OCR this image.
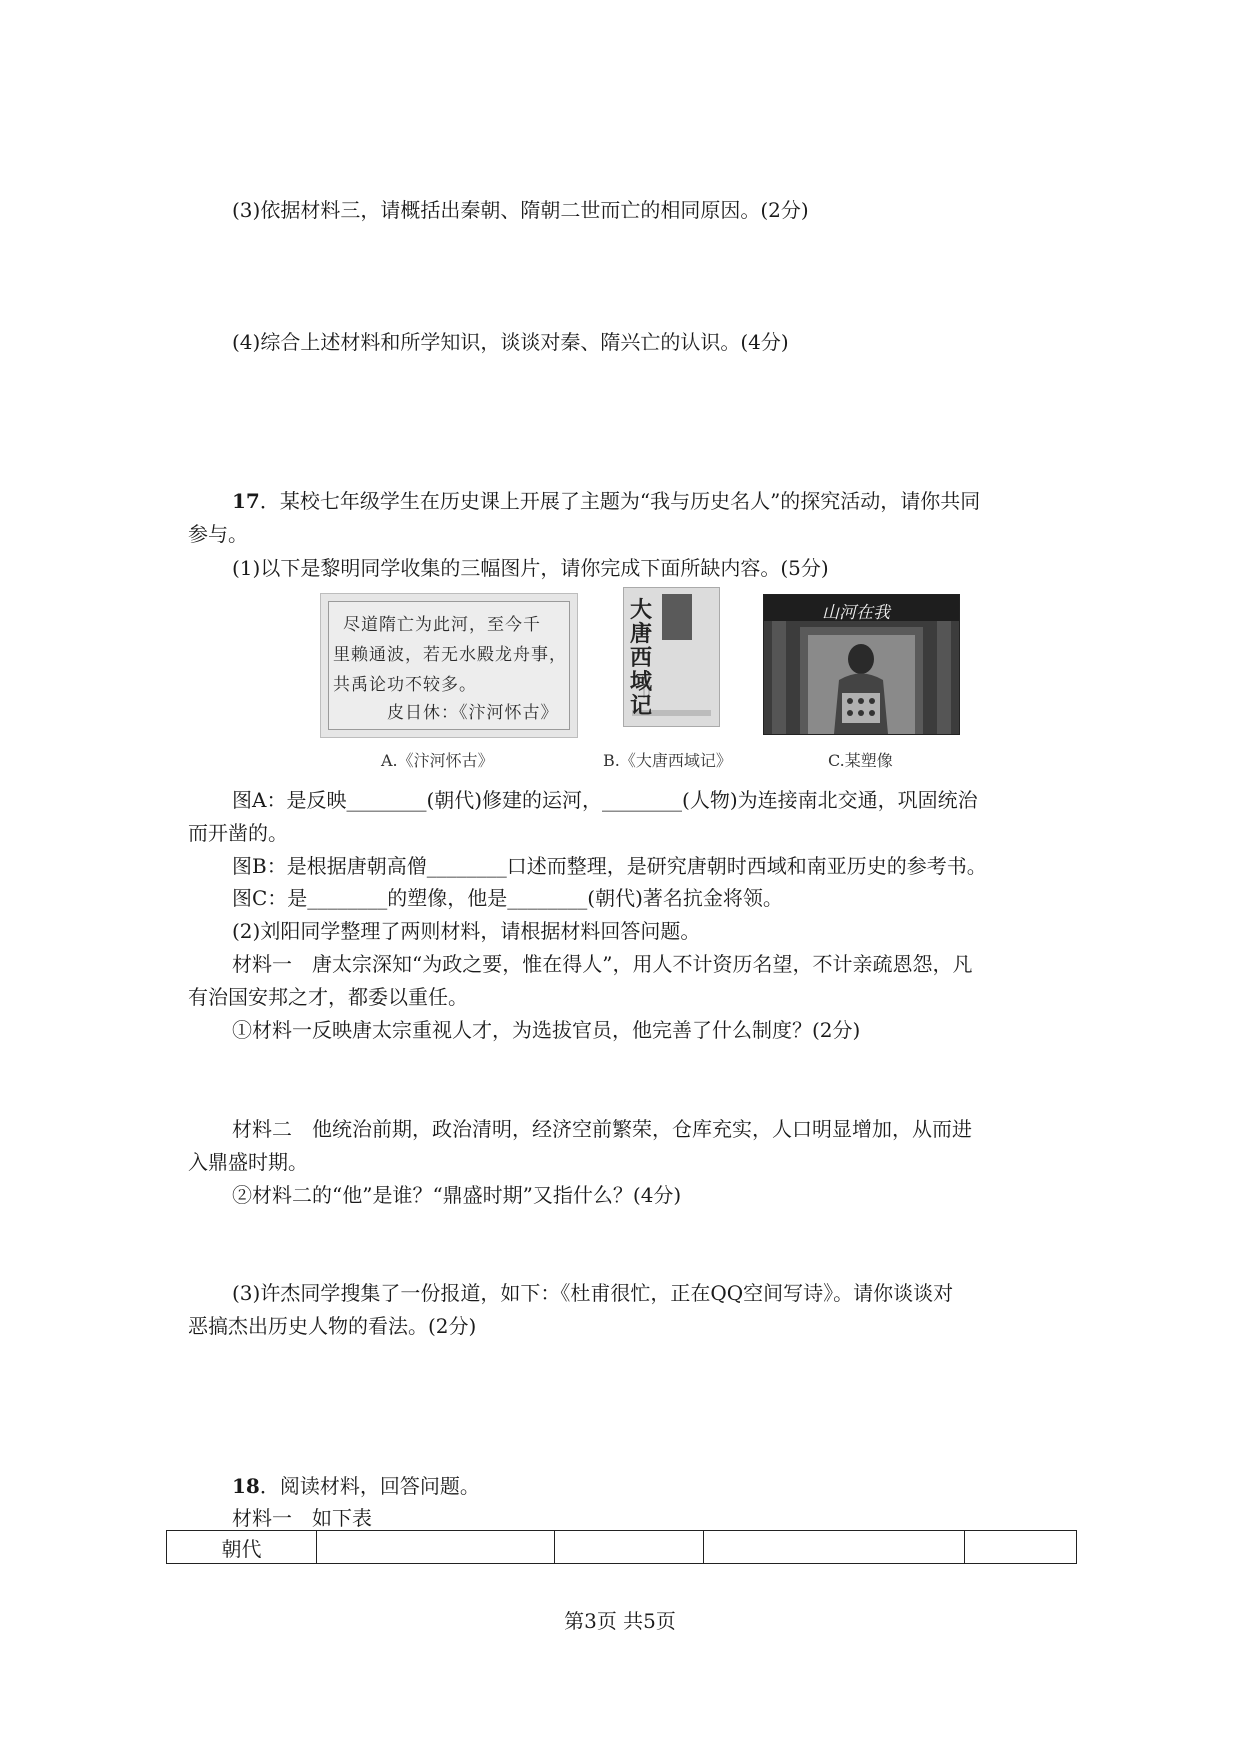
(3)依据材料三，请概括出秦朝、隋朝二世而亡的相同原因。(2分)
(4)综合上述材料和所学知识，谈谈对秦、隋兴亡的认识。(4分)
17．某校七年级学生在历史课上开展了主题为“我与历史名人”的探究活动，请你共同
参与。
(1)以下是黎明同学收集的三幅图片，请你完成下面所缺内容。(5分)
尽道隋亡为此河，至今千
里赖通波，若无水殿龙舟事，
共禹论功不较多。
皮日休：《汴河怀古》
大唐西域记
山河在我
A.《汴河怀古》	B.《大唐西域记》	C.某塑像
图A：是反映________(朝代)修建的运河，________(人物)为连接南北交通，巩固统治
而开凿的。
图B：是根据唐朝高僧________口述而整理，是研究唐朝时西域和南亚历史的参考书。
图C：是________的塑像，他是________(朝代)著名抗金将领。
(2)刘阳同学整理了两则材料，请根据材料回答问题。
材料一　唐太宗深知“为政之要，惟在得人”，用人不计资历名望，不计亲疏恩怨，凡
有治国安邦之才，都委以重任。
①材料一反映唐太宗重视人才，为选拔官员，他完善了什么制度？(2分)
材料二　他统治前期，政治清明，经济空前繁荣，仓库充实，人口明显增加，从而进
入鼎盛时期。
②材料二的“他”是谁？“鼎盛时期”又指什么？(4分)
(3)许杰同学搜集了一份报道，如下：《杜甫很忙，正在QQ空间写诗》。请你谈谈对
恶搞杰出历史人物的看法。(2分)
18．阅读材料，回答问题。
材料一　如下表
朝代
第3页 共5页
